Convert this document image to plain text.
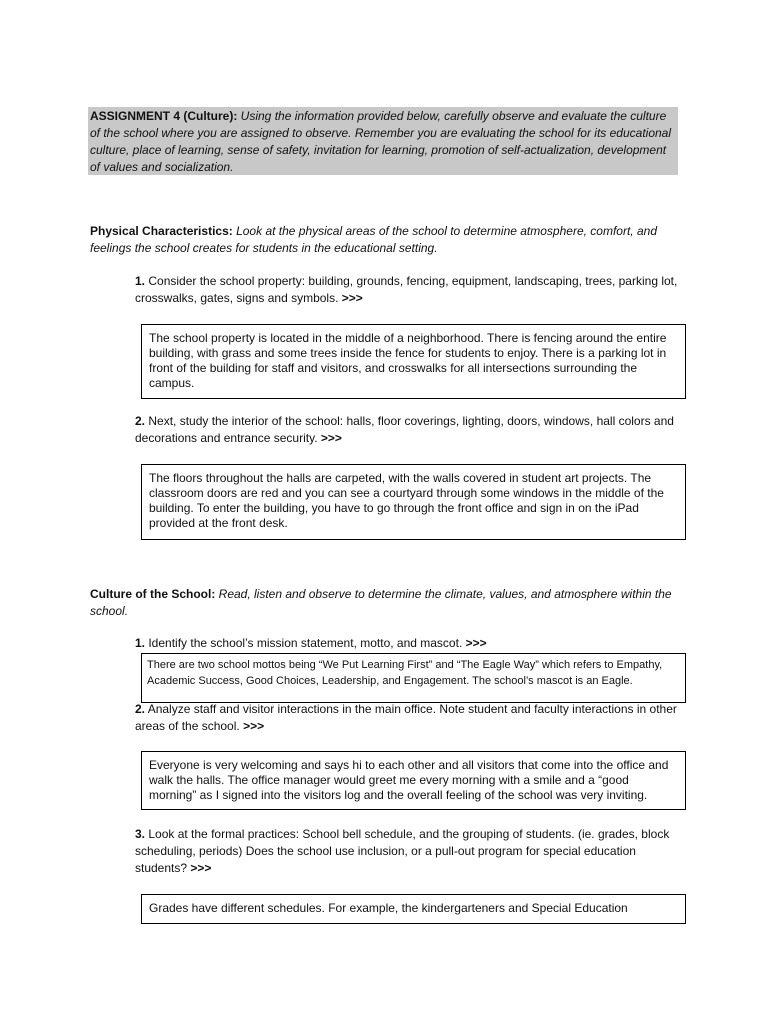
ASSIGNMENT 4 (Culture): Using the information provided below, carefully observe and evaluate the culture of the school where you are assigned to observe. Remember you are evaluating the school for its educational culture, place of learning, sense of safety, invitation for learning, promotion of self-actualization, development of values and socialization.
Physical Characteristics: Look at the physical areas of the school to determine atmosphere, comfort, and feelings the school creates for students in the educational setting.
1. Consider the school property: building, grounds, fencing, equipment, landscaping, trees, parking lot, crosswalks, gates, signs and symbols. >>>
The school property is located in the middle of a neighborhood. There is fencing around the entire building, with grass and some trees inside the fence for students to enjoy. There is a parking lot in front of the building for staff and visitors, and crosswalks for all intersections surrounding the campus.
2. Next, study the interior of the school: halls, floor coverings, lighting, doors, windows, hall colors and decorations and entrance security. >>>
The floors throughout the halls are carpeted, with the walls covered in student art projects. The classroom doors are red and you can see a courtyard through some windows in the middle of the building. To enter the building, you have to go through the front office and sign in on the iPad provided at the front desk.
Culture of the School: Read, listen and observe to determine the climate, values, and atmosphere within the school.
1. Identify the school’s mission statement, motto, and mascot. >>>
There are two school mottos being “We Put Learning First” and “The Eagle Way” which refers to Empathy, Academic Success, Good Choices, Leadership, and Engagement. The school’s mascot is an Eagle.
2. Analyze staff and visitor interactions in the main office. Note student and faculty interactions in other areas of the school. >>>
Everyone is very welcoming and says hi to each other and all visitors that come into the office and walk the halls. The office manager would greet me every morning with a smile and a “good morning” as I signed into the visitors log and the overall feeling of the school was very inviting.
3. Look at the formal practices: School bell schedule, and the grouping of students. (ie. grades, block scheduling, periods) Does the school use inclusion, or a pull-out program for special education students? >>>
Grades have different schedules. For example, the kindergarteners and Special Education
